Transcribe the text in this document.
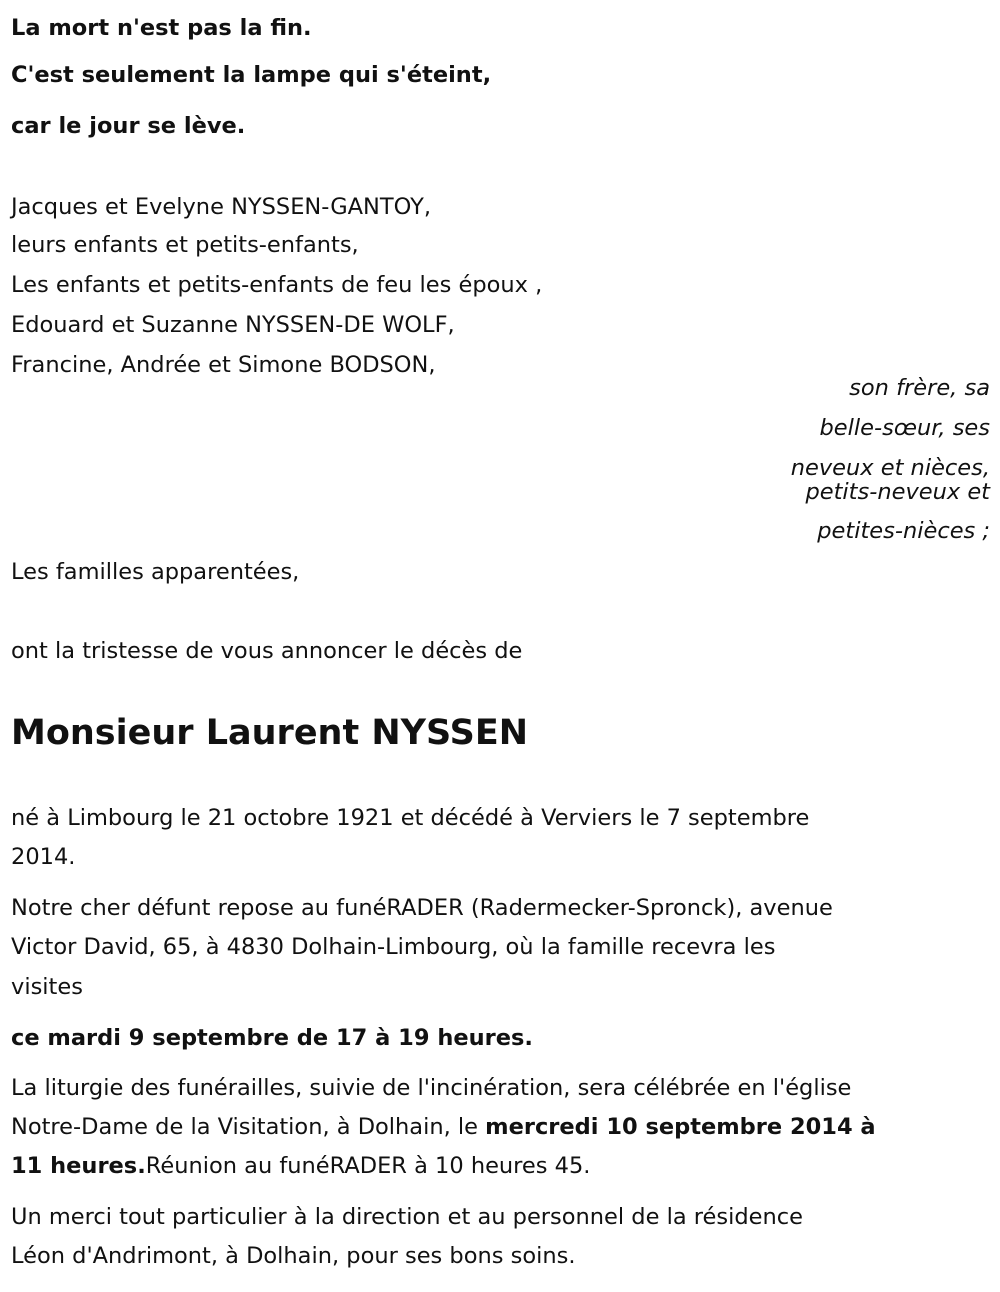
La mort n'est pas la fin.
C'est seulement la lampe qui s'éteint,
car le jour se lève.
Jacques et Evelyne NYSSEN-GANTOY,
leurs enfants et petits-enfants,
Les enfants et petits-enfants de feu les époux ,
Edouard et Suzanne NYSSEN-DE WOLF,
Francine, Andrée et Simone BODSON,
son frère, sa
belle-sœur, ses
neveux et nièces,
petits-neveux et
petites-nièces ;
Les familles apparentées,
ont la tristesse de vous annoncer le décès de
Monsieur Laurent NYSSEN
né à Limbourg le 21 octobre 1921 et décédé à Verviers le 7 septembre
2014.
Notre cher défunt repose au funéRADER (Radermecker-Spronck), avenue
Victor David, 65, à 4830 Dolhain-Limbourg, où la famille recevra les
visites
ce mardi 9 septembre de 17 à 19 heures.
La liturgie des funérailles, suivie de l'incinération, sera célébrée en l'église
Notre-Dame de la Visitation, à Dolhain, le mercredi 10 septembre 2014 à
11 heures.Réunion au funéRADER à 10 heures 45.
Un merci tout particulier à la direction et au personnel de la résidence
Léon d'Andrimont, à Dolhain, pour ses bons soins.
